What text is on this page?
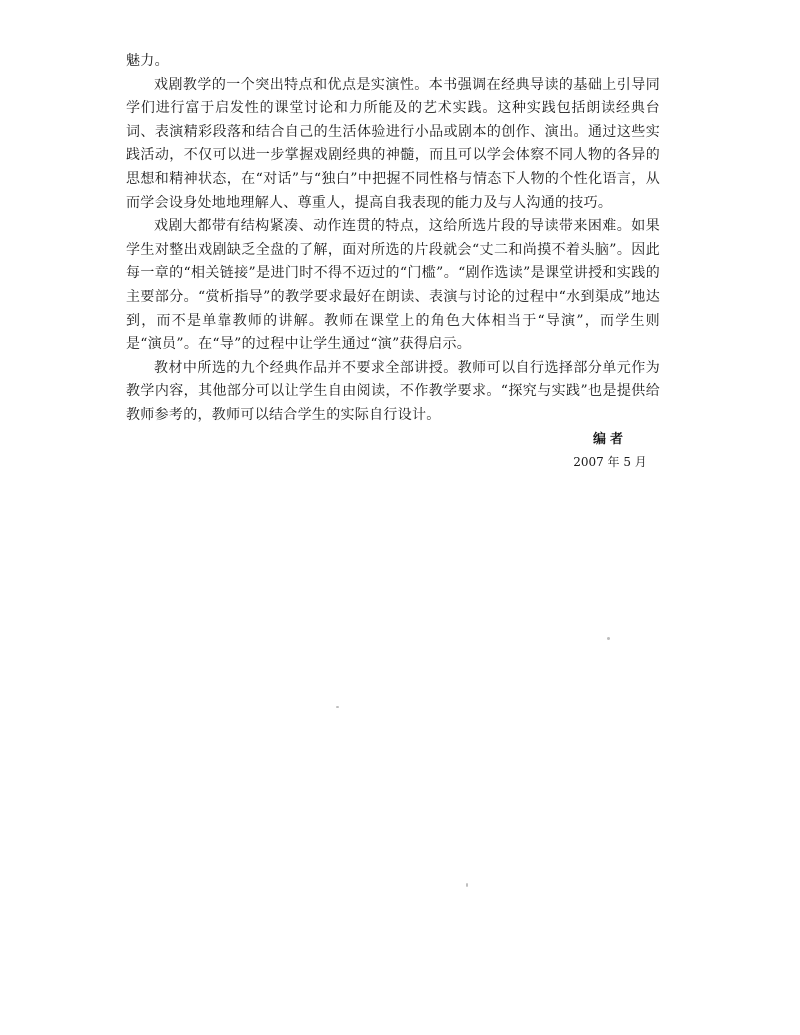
魅力。

戏剧教学的一个突出特点和优点是实演性。本书强调在经典导读的基础上引导同学们进行富于启发性的课堂讨论和力所能及的艺术实践。这种实践包括朗读经典台词、表演精彩段落和结合自己的生活体验进行小品或剧本的创作、演出。通过这些实践活动，不仅可以进一步掌握戏剧经典的神髓，而且可以学会体察不同人物的各异的思想和精神状态，在“对话”与“独白”中把握不同性格与情态下人物的个性化语言，从而学会设身处地地理解人、尊重人，提高自我表现的能力及与人沟通的技巧。

戏剧大都带有结构紧凑、动作连贯的特点，这给所选片段的导读带来困难。如果学生对整出戏剧缺乏全盘的了解，面对所选的片段就会“丈二和尚摸不着头脑”。因此每一章的“相关链接”是进门时不得不迈过的“门槛”。“剧作选读”是课堂讲授和实践的主要部分。“赏析指导”的教学要求最好在朗读、表演与讨论的过程中“水到渠成”地达到，而不是单靠教师的讲解。教师在课堂上的角色大体相当于“导演”，而学生则是“演员”。在“导”的过程中让学生通过“演”获得启示。

教材中所选的九个经典作品并不要求全部讲授。教师可以自行选择部分单元作为教学内容，其他部分可以让学生自由阅读，不作教学要求。“探究与实践”也是提供给教师参考的，教师可以结合学生的实际自行设计。

编者
2007 年 5 月
